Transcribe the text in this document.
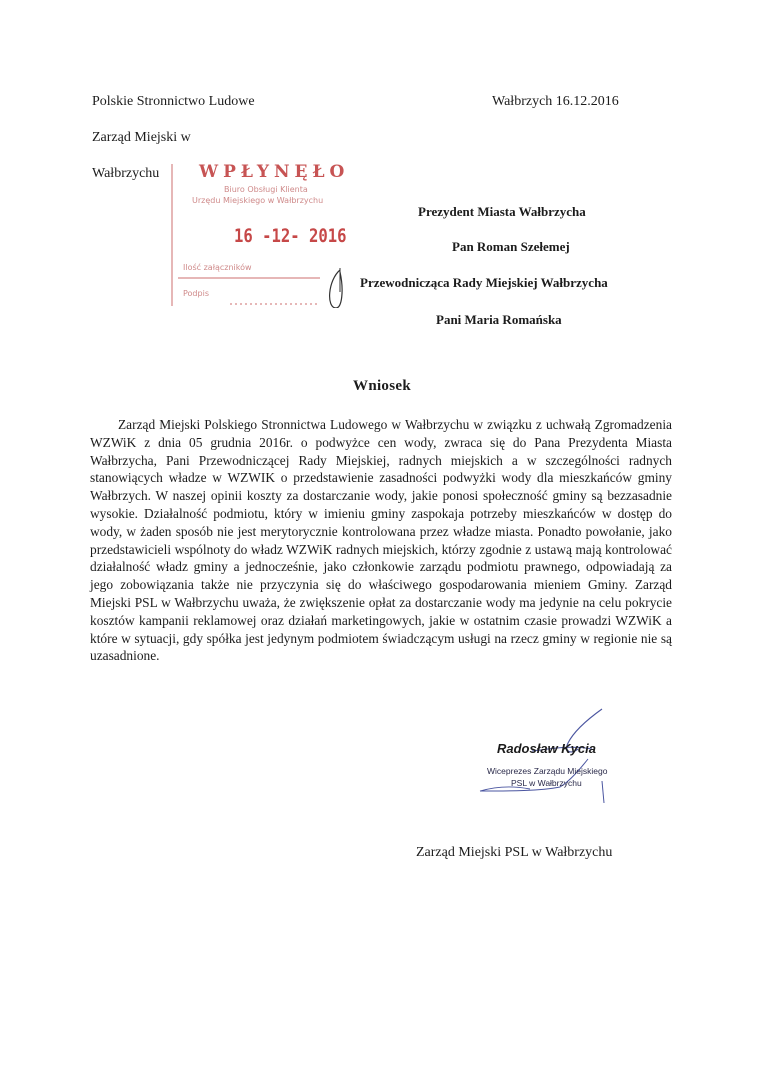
Polskie Stronnictwo Ludowe
Zarząd Miejski w
Wałbrzychu
Wałbrzych 16.12.2016
WPŁYNĘŁO
Biuro Obsługi Klienta
Urzędu Miejskiego w Wałbrzychu
16 -12- 2016
Ilość załączników
Podpis
Prezydent Miasta Wałbrzycha
Pan Roman Szełemej
Przewodnicząca Rady Miejskiej Wałbrzycha
Pani Maria Romańska
Wniosek

Zarząd Miejski Polskiego Stronnictwa Ludowego w Wałbrzychu w związku z uchwałą Zgromadzenia WZWiK z dnia 05 grudnia 2016r. o podwyżce cen wody, zwraca się do Pana Prezydenta Miasta Wałbrzycha, Pani Przewodniczącej Rady Miejskiej, radnych miejskich a w szczególności radnych stanowiących władze w WZWIK o przedstawienie zasadności podwyżki wody dla mieszkańców gminy Wałbrzych. W naszej opinii koszty za dostarczanie wody, jakie ponosi społeczność gminy są bezzasadnie wysokie. Działalność podmiotu, który w imieniu gminy zaspokaja potrzeby mieszkańców w dostęp do wody, w żaden sposób nie jest merytorycznie kontrolowana przez władze miasta. Ponadto powołanie, jako przedstawicieli wspólnoty do władz WZWiK radnych miejskich, którzy zgodnie z ustawą mają kontrolować działalność władz gminy a jednocześnie, jako członkowie zarządu podmiotu prawnego, odpowiadają za jego zobowiązania także nie przyczynia się do właściwego gospodarowania mieniem Gminy. Zarząd Miejski PSL w Wałbrzychu uważa, że zwiększenie opłat za dostarczanie wody ma jedynie na celu pokrycie kosztów kampanii reklamowej oraz działań marketingowych, jakie w ostatnim czasie prowadzi WZWiK a które w sytuacji, gdy spółka jest jedynym podmiotem świadczącym usługi na rzecz gminy w regionie nie są uzasadnione.

Radosław Kycia
Wiceprezes Zarządu Miejskiego
PSL w Wałbrzychu
Zarząd Miejski PSL w Wałbrzychu
